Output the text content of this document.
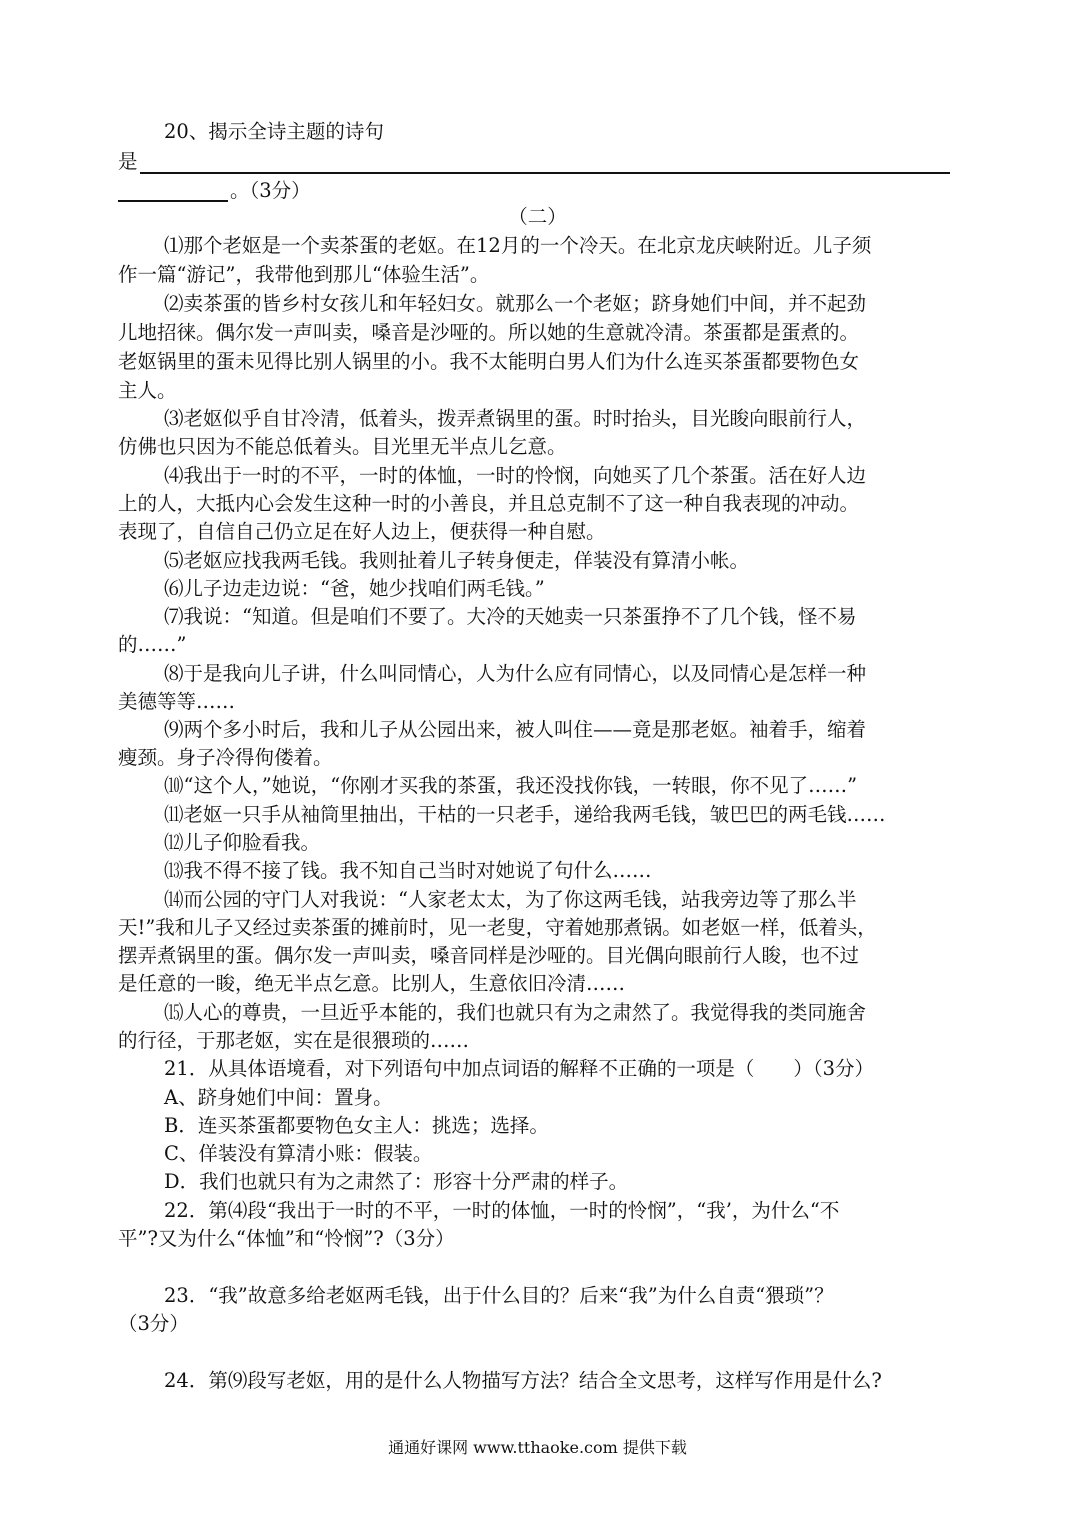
20、揭示全诗主题的诗句
是
。（3分）
（二）
⑴那个老妪是一个卖茶蛋的老妪。在12月的一个冷天。在北京龙庆峡附近。儿子须
作一篇“游记”，我带他到那儿“体验生活”。
⑵卖茶蛋的皆乡村女孩儿和年轻妇女。就那么一个老妪；跻身她们中间，并不起劲
儿地招徕。偶尔发一声叫卖，嗓音是沙哑的。所以她的生意就冷清。茶蛋都是蛋煮的。
老妪锅里的蛋未见得比别人锅里的小。我不太能明白男人们为什么连买茶蛋都要物色女
主人。
⑶老妪似乎自甘冷清，低着头，拨弄煮锅里的蛋。时时抬头，目光睃向眼前行人，
仿佛也只因为不能总低着头。目光里无半点儿乞意。
⑷我出于一时的不平，一时的体恤，一时的怜悯，向她买了几个茶蛋。活在好人边
上的人，大抵内心会发生这种一时的小善良，并且总克制不了这一种自我表现的冲动。
表现了，自信自己仍立足在好人边上，便获得一种自慰。
⑸老妪应找我两毛钱。我则扯着儿子转身便走，佯装没有算清小帐。
⑹儿子边走边说：“爸，她少找咱们两毛钱。”
⑺我说：“知道。但是咱们不要了。大冷的天她卖一只茶蛋挣不了几个钱，怪不易
的……”
⑻于是我向儿子讲，什么叫同情心，人为什么应有同情心，以及同情心是怎样一种
美德等等……
⑼两个多小时后，我和儿子从公园出来，被人叫住——竟是那老妪。袖着手，缩着
瘦颈。身子冷得佝偻着。
⑽“这个人，”她说，“你刚才买我的茶蛋，我还没找你钱，一转眼，你不见了……”
⑾老妪一只手从袖筒里抽出，干枯的一只老手，递给我两毛钱，皱巴巴的两毛钱……
⑿儿子仰脸看我。
⒀我不得不接了钱。我不知自己当时对她说了句什么……
⒁而公园的守门人对我说：“人家老太太，为了你这两毛钱，站我旁边等了那么半
天!”我和儿子又经过卖茶蛋的摊前时，见一老叟，守着她那煮锅。如老妪一样，低着头，
摆弄煮锅里的蛋。偶尔发一声叫卖，嗓音同样是沙哑的。目光偶向眼前行人睃，也不过
是任意的一睃，绝无半点乞意。比别人，生意依旧冷清……
⒂人心的尊贵，一旦近乎本能的，我们也就只有为之肃然了。我觉得我的类同施舍
的行径，于那老妪，实在是很猥琐的……
21．从具体语境看，对下列语句中加点词语的解释不正确的一项是（　　）（3分）
A、跻身她们中间：置身。
B．连买茶蛋都要物色女主人：挑选；选择。
C、佯装没有算清小账：假装。
D．我们也就只有为之肃然了：形容十分严肃的样子。
22．第⑷段“我出于一时的不平，一时的体恤，一时的怜悯”，“我’，为什么“不
平”?又为什么“体恤”和“怜悯”?（3分）
23．“我”故意多给老妪两毛钱，出于什么目的？后来“我”为什么自责“猥琐”？
（3分）
24．第⑼段写老妪，用的是什么人物描写方法？结合全文思考，这样写作用是什么?
通通好课网 www.tthaoke.com 提供下载
